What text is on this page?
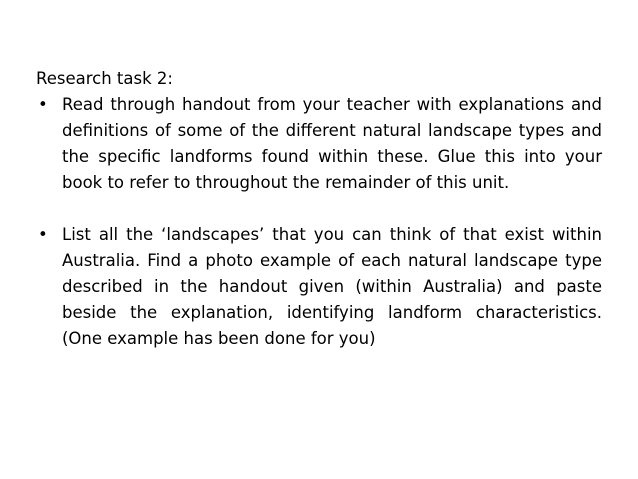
Research task 2:
• Read through handout from your teacher with explanations and definitions of some of the different natural landscape types and the specific landforms found within these. Glue this into your book to refer to throughout the remainder of this unit.
• List all the ‘landscapes’ that you can think of that exist within Australia. Find a photo example of each natural landscape type described in the handout given (within Australia) and paste beside the explanation, identifying landform characteristics. (One example has been done for you)
